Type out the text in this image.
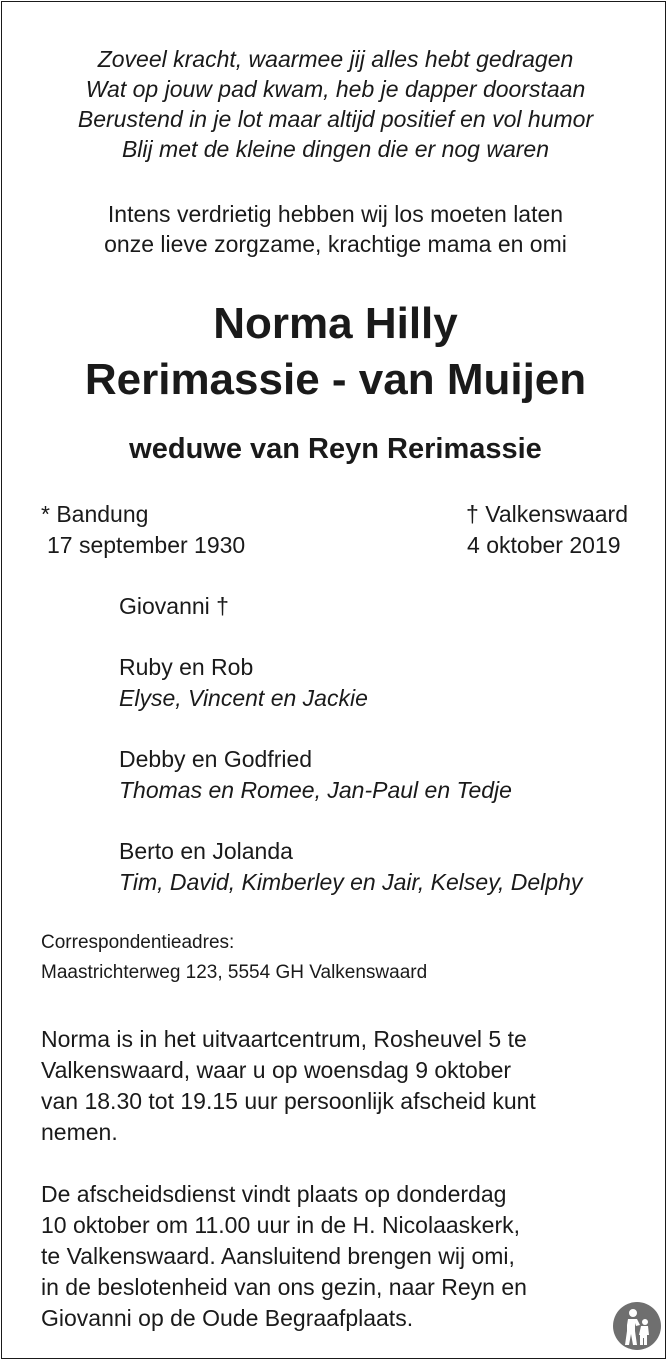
Zoveel kracht, waarmee jij alles hebt gedragen
Wat op jouw pad kwam, heb je dapper doorstaan
Berustend in je lot maar altijd positief en vol humor
Blij met de kleine dingen die er nog waren
Intens verdrietig hebben wij los moeten laten
onze lieve zorgzame, krachtige mama en omi
Norma Hilly
Rerimassie - van Muijen
weduwe van Reyn Rerimassie
* Bandung
17 september 1930
† Valkenswaard
4 oktober 2019
Giovanni †
Ruby en Rob
Elyse, Vincent en Jackie
Debby en Godfried
Thomas en Romee, Jan-Paul en Tedje
Berto en Jolanda
Tim, David, Kimberley en Jair, Kelsey, Delphy
Correspondentieadres:
Maastrichterweg 123, 5554 GH Valkenswaard
Norma is in het uitvaartcentrum, Rosheuvel 5 te
Valkenswaard, waar u op woensdag 9 oktober
van 18.30 tot 19.15 uur persoonlijk afscheid kunt
nemen.
De afscheidsdienst vindt plaats op donderdag
10 oktober om 11.00 uur in de H. Nicolaaskerk,
te Valkenswaard. Aansluitend brengen wij omi,
in de beslotenheid van ons gezin, naar Reyn en
Giovanni op de Oude Begraafplaats.
